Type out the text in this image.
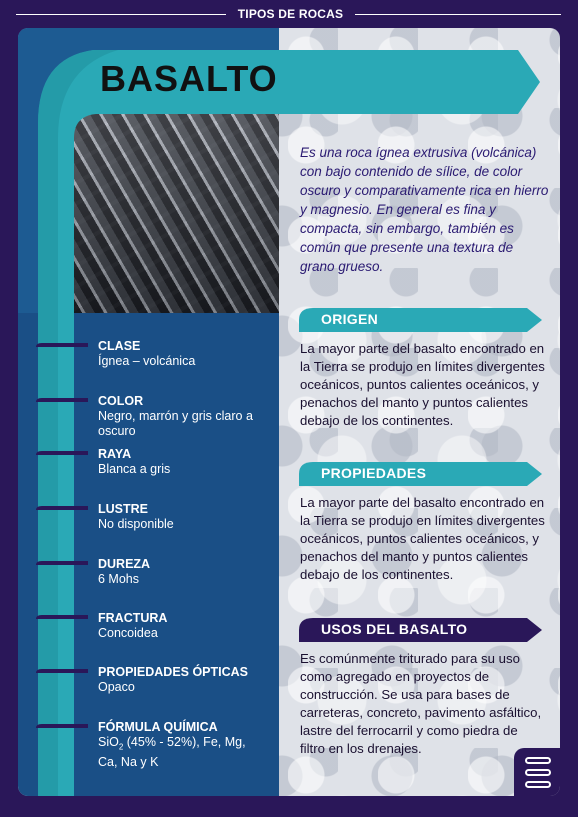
TIPOS DE ROCAS
BASALTO
CLASE
Ígnea – volcánica
COLOR
Negro, marrón y gris claro a oscuro
RAYA
Blanca a gris
LUSTRE
No disponible
DUREZA
6 Mohs
FRACTURA
Concoidea
PROPIEDADES ÓPTICAS
Opaco
FÓRMULA QUÍMICA
SiO$_2$ (45% - 52%), Fe, Mg, Ca, Na y K
Es una roca ígnea extrusiva (volcánica) con bajo contenido de sílice, de color oscuro y comparativamente rica en hierro y magnesio. En general es fina y compacta, sin embargo, también es común que presente una textura de grano grueso.
ORIGEN
La mayor parte del basalto encontrado en la Tierra se produjo en límites divergentes oceánicos, puntos calientes oceánicos, y penachos del manto y puntos calientes debajo de los continentes.
PROPIEDADES
La mayor parte del basalto encontrado en la Tierra se produjo en límites divergentes oceánicos, puntos calientes oceánicos, y penachos del manto y puntos calientes debajo de los continentes.
USOS DEL BASALTO
Es comúnmente triturado para su uso como agregado en proyectos de construcción. Se usa para bases de carreteras, concreto, pavimento asfáltico, lastre del ferrocarril y como piedra de filtro en los drenajes.
